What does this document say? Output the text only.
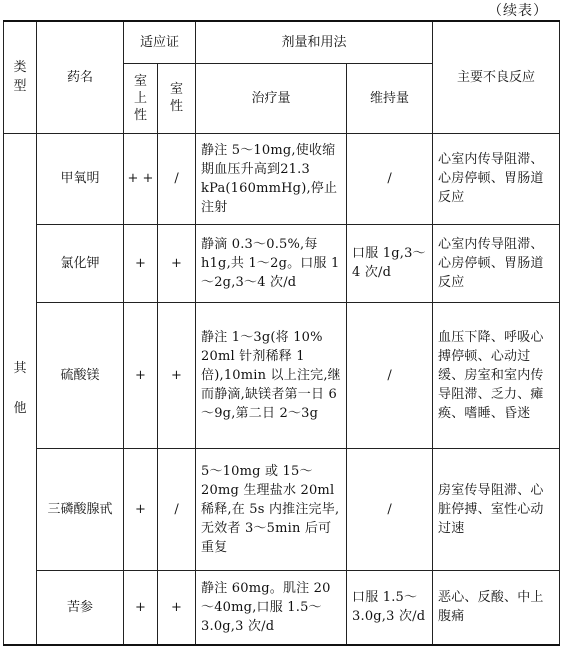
（续表）
类型	药名	适应证		剂量和用法		主要不良反应

		室上性	室性	治疗量	维持量	

其他	甲氧明	+ +	/	静注 5～10mg,使收缩期血压升高到21.3 kPa(160mmHg),停止注射	/	心室内传导阻滞、心房停顿、胃肠道反应
	氯化钾	+	+	静滴 0.3～0.5%,每h1g,共 1～2g。口服 1～2g,3～4 次/d	口服 1g,3～4 次/d	心室内传导阻滞、心房停顿、胃肠道反应
	硫酸镁	+	+	静注 1～3g(将 10% 20ml 针剂稀释 1 倍),10min 以上注完,继而静滴,缺镁者第一日 6～9g,第二日 2～3g	/	血压下降、呼吸心搏停顿、心动过缓、房室和室内传导阻滞、乏力、瘫痪、嗜睡、昏迷
	三磷酸腺甙	+	/	5～10mg 或 15～20mg 生理盐水 20ml 稀释,在 5s 内推注完毕,无效者 3～5min 后可重复	/	房室传导阻滞、心脏停搏、室性心动过速
	苦参	+	+	静注 60mg。肌注 20～40mg,口服 1.5～3.0g,3 次/d	口服 1.5～3.0g,3 次/d	恶心、反酸、中上腹痛
